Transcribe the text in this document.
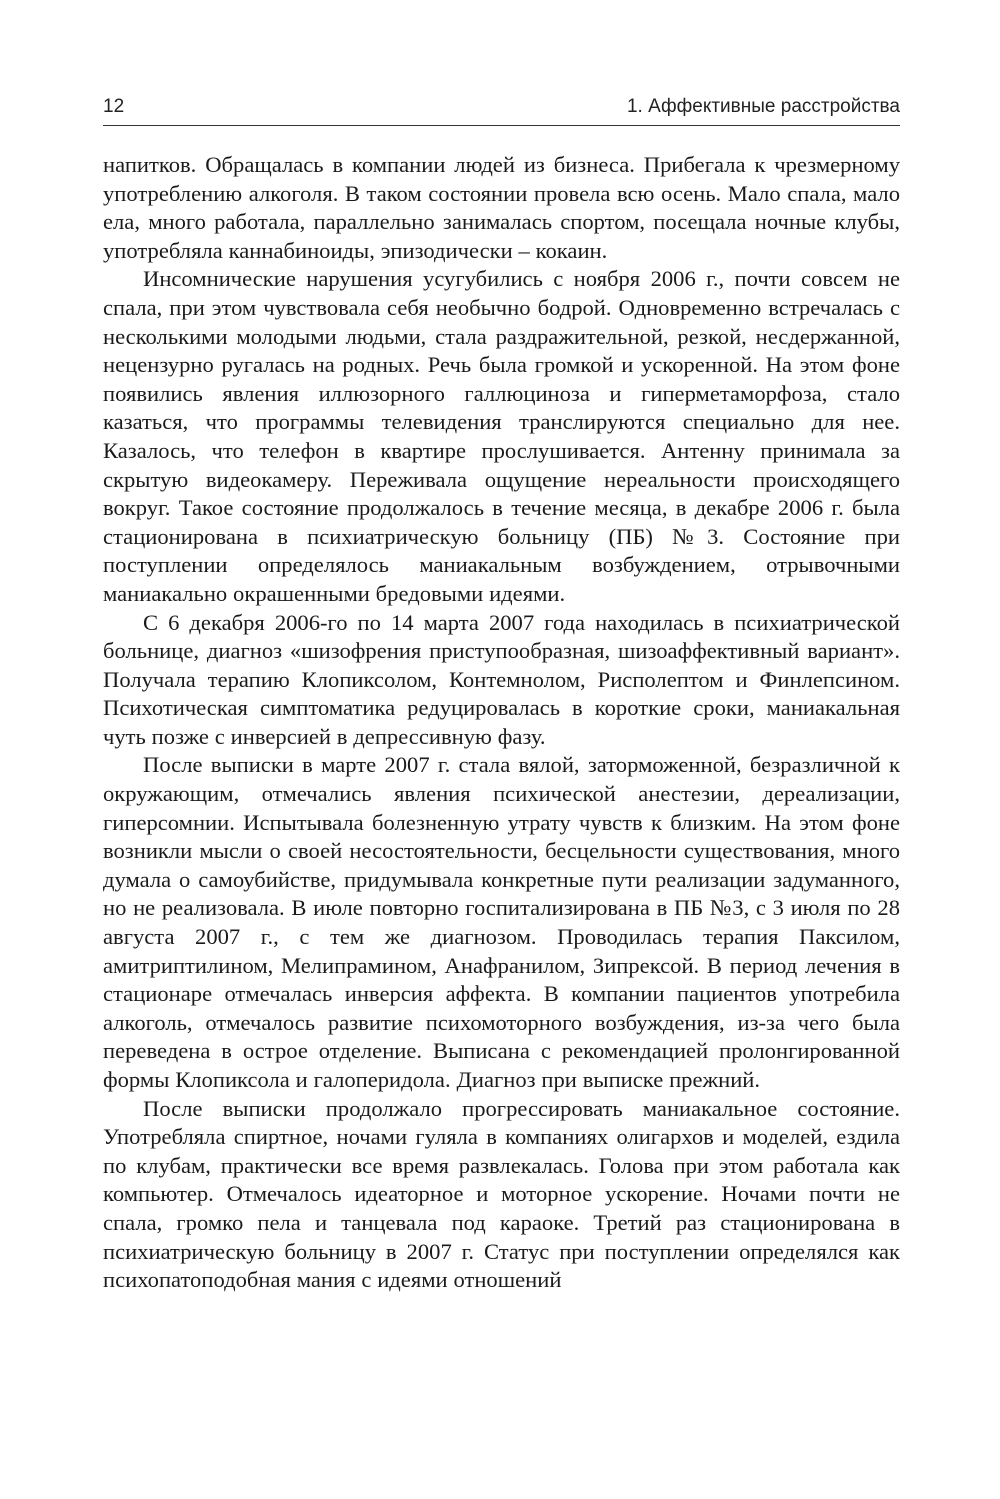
12	1. Аффективные расстройства

напитков. Обращалась в компании людей из бизнеса. Прибегала к чрезмерному употреблению алкоголя. В таком состоянии провела всю осень. Мало спала, мало ела, много работала, параллельно занималась спортом, посещала ночные клубы, употребляла каннабиноиды, эпизодически – кокаин.

Инсомнические нарушения усугубились с ноября 2006 г., почти совсем не спала, при этом чувствовала себя необычно бодрой. Одновременно встречалась с несколькими молодыми людьми, стала раздражительной, резкой, несдержанной, нецензурно ругалась на родных. Речь была громкой и ускоренной. На этом фоне появились явления иллюзорного галлюциноза и гиперметаморфоза, стало казаться, что программы телевидения транслируются специально для нее. Казалось, что телефон в квартире прослушивается. Антенну принимала за скрытую видеокамеру. Переживала ощущение нереальности происходящего вокруг. Такое состояние продолжалось в течение месяца, в декабре 2006 г. была стационирована в психиатрическую больницу (ПБ) №3. Состояние при поступлении определялось маниакальным возбуждением, отрывочными маниакально окрашенными бредовыми идеями.

С 6 декабря 2006-го по 14 марта 2007 года находилась в психиатрической больнице, диагноз «шизофрения приступообразная, шизоаффективный вариант». Получала терапию Клопиксолом, Контемнолом, Рисполептом и Финлепсином. Психотическая симптоматика редуцировалась в короткие сроки, маниакальная чуть позже с инверсией в депрессивную фазу.

После выписки в марте 2007 г. стала вялой, заторможенной, безразличной к окружающим, отмечались явления психической анестезии, дереализации, гиперсомнии. Испытывала болезненную утрату чувств к близким. На этом фоне возникли мысли о своей несостоятельности, бесцельности существования, много думала о самоубийстве, придумывала конкретные пути реализации задуманного, но не реализовала. В июле повторно госпитализирована в ПБ №3, с 3 июля по 28 августа 2007 г., с тем же диагнозом. Проводилась терапия Паксилом, амитриптилином, Мелипрамином, Анафранилом, Зипрексой. В период лечения в стационаре отмечалась инверсия аффекта. В компании пациентов употребила алкоголь, отмечалось развитие психомоторного возбуждения, из-за чего была переведена в острое отделение. Выписана с рекомендацией пролонгированной формы Клопиксола и галоперидола. Диагноз при выписке прежний.

После выписки продолжало прогрессировать маниакальное состояние. Употребляла спиртное, ночами гуляла в компаниях олигархов и моделей, ездила по клубам, практически все время развлекалась. Голова при этом работала как компьютер. Отмечалось идеаторное и моторное ускорение. Ночами почти не спала, громко пела и танцевала под караоке. Третий раз стационирована в психиатрическую больницу в 2007 г. Статус при поступлении определялся как психопатоподобная мания с идеями отношений
